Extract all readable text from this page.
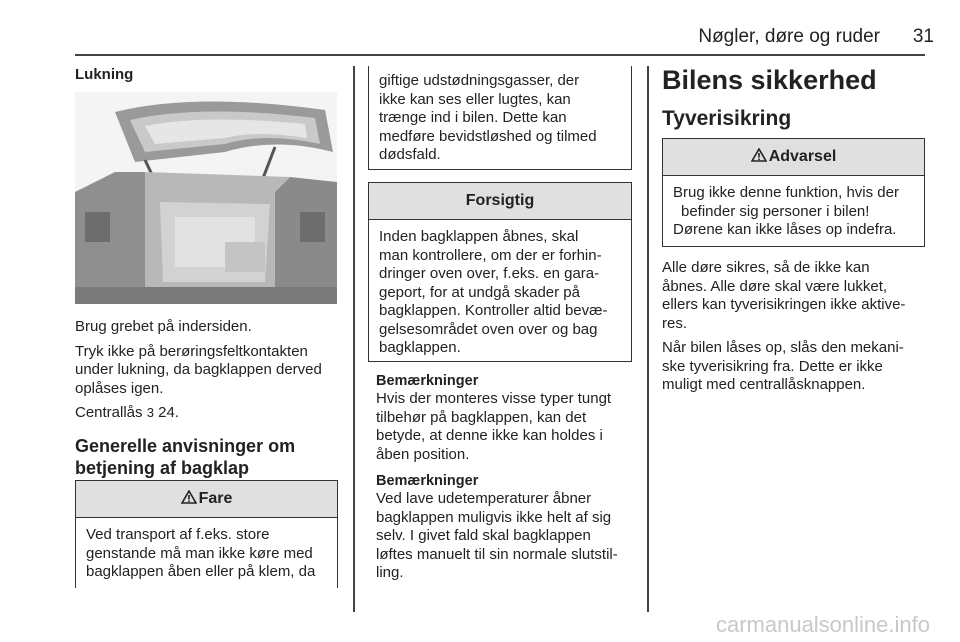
Nøgler, døre og ruder	31
Lukning

Brug grebet på indersiden.

Tryk ikke på berøringsfeltkontakten
under lukning, da bagklappen derved
oplåses igen.

Centrallås 3 24.

Generelle anvisninger om
betjening af bagklap
Fare
Ved transport af f.eks. store
genstande må man ikke køre med
bagklappen åben eller på klem, da
giftige udstødningsgasser, der
ikke kan ses eller lugtes, kan
trænge ind i bilen. Dette kan
medføre bevidstløshed og tilmed
dødsfald.
Forsigtig
Inden bagklappen åbnes, skal
man kontrollere, om der er forhin-
dringer oven over, f.eks. en gara-
geport, for at undgå skader på
bagklappen. Kontroller altid bevæ-
gelsesområdet oven over og bag
bagklappen.
Bemærkninger
Hvis der monteres visse typer tungt
tilbehør på bagklappen, kan det
betyde, at denne ikke kan holdes i
åben position.
Bemærkninger
Ved lave udetemperaturer åbner
bagklappen muligvis ikke helt af sig
selv. I givet fald skal bagklappen
løftes manuelt til sin normale slutstil-
ling.
Bilens sikkerhed
Tyverisikring
Advarsel
Brug ikke denne funktion, hvis der
befinder sig personer i bilen!
Dørene kan ikke låses op indefra.

Alle døre sikres, så de ikke kan
åbnes. Alle døre skal være lukket,
ellers kan tyverisikringen ikke aktive-
res.

Når bilen låses op, slås den mekani-
ske tyverisikring fra. Dette er ikke
muligt med centrallåsknappen.

carmanualsonline.info
